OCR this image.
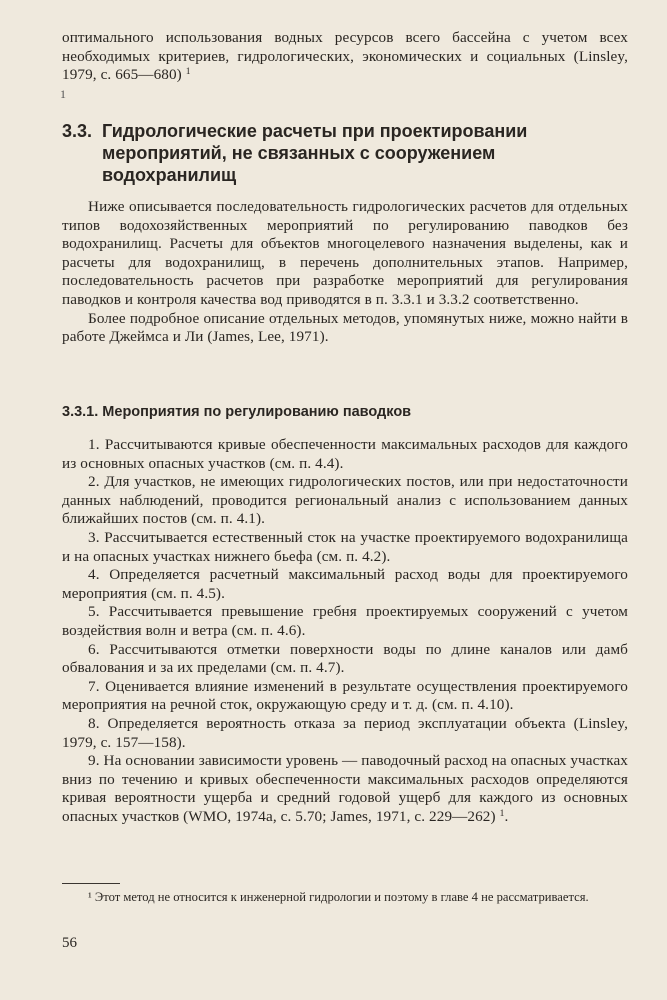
оптимального использования водных ресурсов всего бассейна с учетом всех необходимых критериев, гидрологических, экономических и социальных (Linsley, 1979, с. 665—680) $^1$

1
3.3. Гидрологические расчеты при проектировании
мероприятий, не связанных с сооружением
водохранилищ

Ниже описывается последовательность гидрологических расчетов для отдельных типов водохозяйственных мероприятий по регулированию паводков без водохранилищ. Расчеты для объектов многоцелевого назначения выделены, как и расчеты для водохранилищ, в перечень дополнительных этапов. Например, последовательность расчетов при разработке мероприятий для регулирования паводков и контроля качества вод приводятся в п. 3.3.1 и 3.3.2 соответственно.

Более подробное описание отдельных методов, упомянутых ниже, можно найти в работе Джеймса и Ли (James, Lee, 1971).

3.3.1. Мероприятия по регулированию паводков

1. Рассчитываются кривые обеспеченности максимальных расходов для каждого из основных опасных участков (см. п. 4.4).

2. Для участков, не имеющих гидрологических постов, или при недостаточности данных наблюдений, проводится региональный анализ с использованием данных ближайших постов (см. п. 4.1).

3. Рассчитывается естественный сток на участке проектируемого водохранилища и на опасных участках нижнего бьефа (см. п. 4.2).

4. Определяется расчетный максимальный расход воды для проектируемого мероприятия (см. п. 4.5).

5. Рассчитывается превышение гребня проектируемых сооружений с учетом воздействия волн и ветра (см. п. 4.6).

6. Рассчитываются отметки поверхности воды по длине каналов или дамб обвалования и за их пределами (см. п. 4.7).

7. Оценивается влияние изменений в результате осуществления проектируемого мероприятия на речной сток, окружающую среду и т. д. (см. п. 4.10).

8. Определяется вероятность отказа за период эксплуатации объекта (Linsley, 1979, с. 157—158).

9. На основании зависимости уровень — паводочный расход на опасных участках вниз по течению и кривых обеспеченности максимальных расходов определяются кривая вероятности ущерба и средний годовой ущерб для каждого из основных опасных участков (WMO, 1974а, с. 5.70; James, 1971, с. 229—262) $^1$.

¹ Этот метод не относится к инженерной гидрологии и поэтому в главе 4 не рассматривается.

56
